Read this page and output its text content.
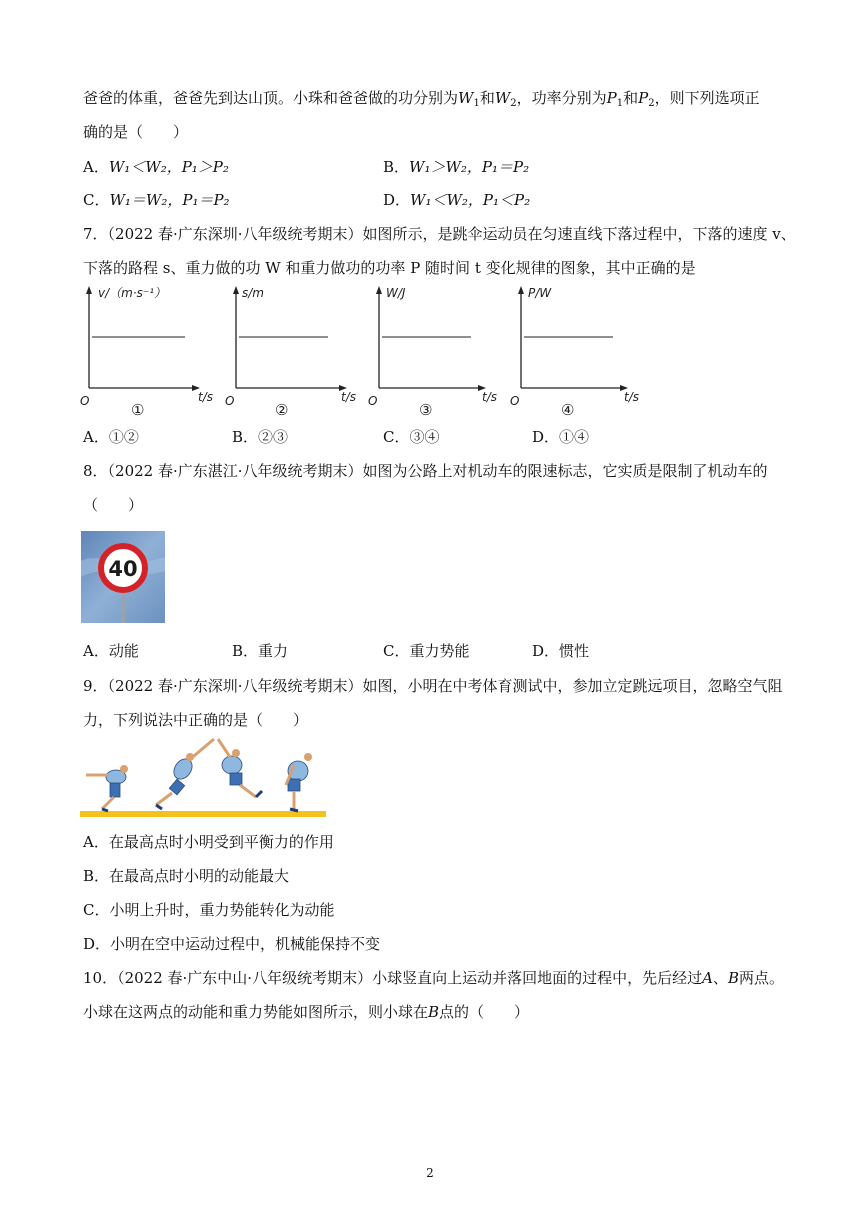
爸爸的体重，爸爸先到达山顶。小珠和爸爸做的功分别为$W_1$和$W_2$，功率分别为$P_1$和$P_2$，则下列选项正
确的是（　　）
A．W₁＜W₂，P₁＞P₂	B．W₁＞W₂，P₁＝P₂
C．W₁＝W₂，P₁＝P₂	D．W₁＜W₂，P₁＜P₂
7．（2022 春·广东深圳·八年级统考期末）如图所示，是跳伞运动员在匀速直线下落过程中，下落的速度 v、
下落的路程 s、重力做的功 W 和重力做功的功率 P 随时间 t 变化规律的图象，其中正确的是
v/（m·s⁻¹）
t/s
O	①
s/m
t/s
O	②
W/J
t/s
O	③
P/W
t/s
O	④
A．①②	B．②③	C．③④	D．①④
8．（2022 春·广东湛江·八年级统考期末）如图为公路上对机动车的限速标志，它实质是限制了机动车的
（　　）
40
A．动能	B．重力	C．重力势能	D．惯性
9．（2022 春·广东深圳·八年级统考期末）如图，小明在中考体育测试中，参加立定跳远项目，忽略空气阻
力，下列说法中正确的是（　　）
A．在最高点时小明受到平衡力的作用
B．在最高点时小明的动能最大
C．小明上升时，重力势能转化为动能
D．小明在空中运动过程中，机械能保持不变
10．（2022 春·广东中山·八年级统考期末）小球竖直向上运动并落回地面的过程中，先后经过A、B两点。
小球在这两点的动能和重力势能如图所示，则小球在B点的（　　）
2
